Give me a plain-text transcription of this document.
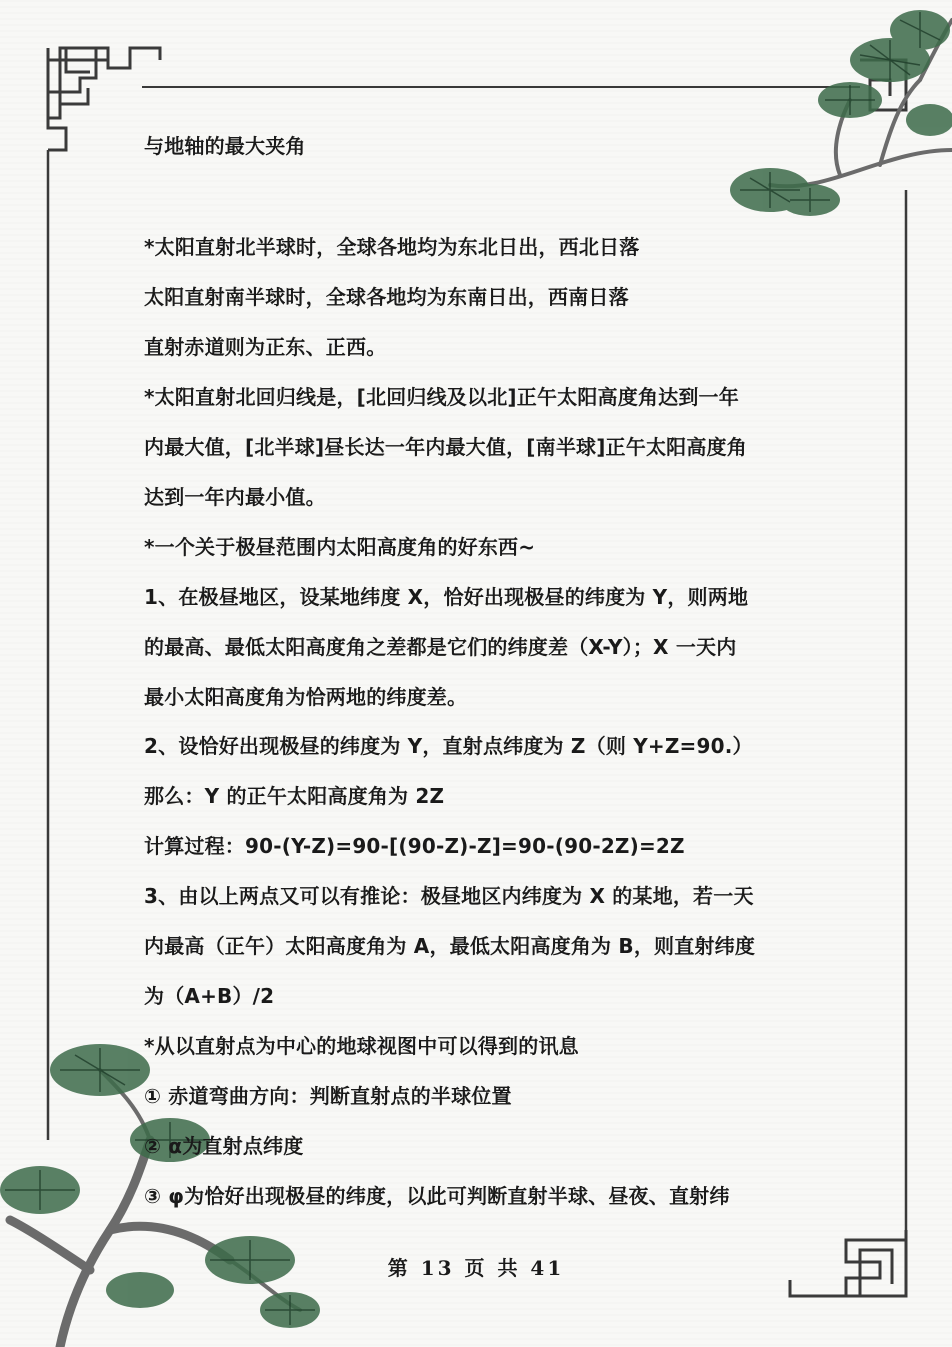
与地轴的最大夹角
*太阳直射北半球时，全球各地均为东北日出，西北日落
太阳直射南半球时，全球各地均为东南日出，西南日落
直射赤道则为正东、正西。
*太阳直射北回归线是，[北回归线及以北]正午太阳高度角达到一年
内最大值，[北半球]昼长达一年内最大值，[南半球]正午太阳高度角
达到一年内最小值。
*一个关于极昼范围内太阳高度角的好东西~
1、在极昼地区，设某地纬度 X，恰好出现极昼的纬度为 Y，则两地
的最高、最低太阳高度角之差都是它们的纬度差（X-Y）；X 一天内
最小太阳高度角为恰两地的纬度差。
2、设恰好出现极昼的纬度为 Y，直射点纬度为 Z（则 Y+Z=90.）
那么：Y 的正午太阳高度角为 2Z
计算过程：90-(Y-Z)=90-[(90-Z)-Z]=90-(90-2Z)=2Z
3、由以上两点又可以有推论：极昼地区内纬度为 X 的某地，若一天
内最高（正午）太阳高度角为 A，最低太阳高度角为 B，则直射纬度
为（A+B）/2
*从以直射点为中心的地球视图中可以得到的讯息
① 赤道弯曲方向：判断直射点的半球位置
② α为直射点纬度
③ φ为恰好出现极昼的纬度，以此可判断直射半球、昼夜、直射纬
第 13 页 共 41
